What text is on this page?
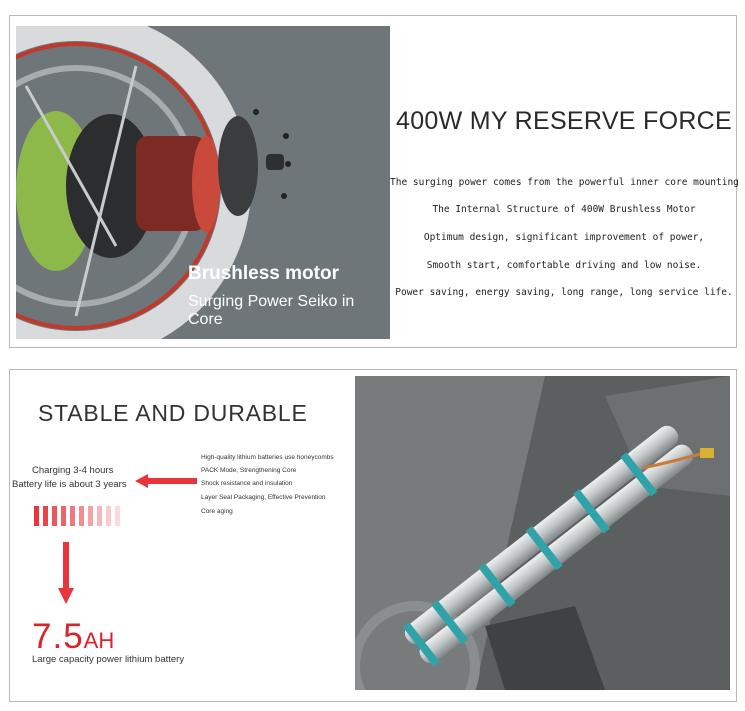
Brushless motor
Surging Power Seiko in Core
400W MY RESERVE FORCE
The surging power comes from the powerful inner core mounting
The Internal Structure of 400W Brushless Motor
Optimum design, significant improvement of power,
Smooth start, comfortable driving and low noise.
Power saving, energy saving, long range, long service life.
STABLE AND DURABLE
Charging 3-4 hours
Battery life is about 3 years
High-quality lithium batteries use honeycombs
PACK Mode, Strengthening Core
Shock resistance and insulation
Layer Seal Packaging, Effective Prevention
Core aging
7.5AH
Large capacity power lithium battery
